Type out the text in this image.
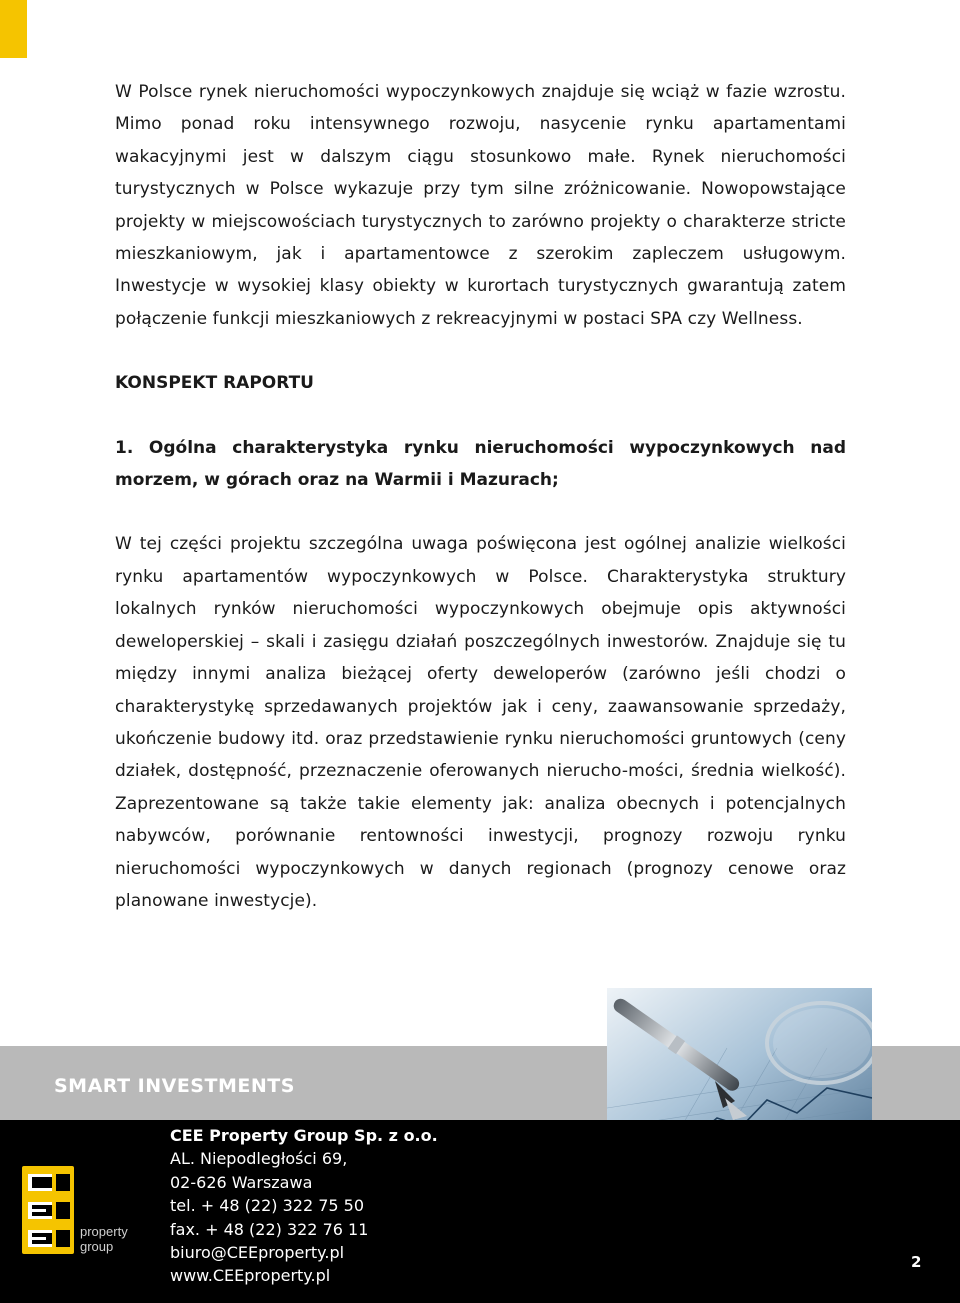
W Polsce rynek nieruchomości wypoczynkowych znajduje się wciąż w fazie wzrostu. Mimo ponad roku intensywnego rozwoju, nasycenie rynku apartamentami wakacyjnymi jest w dalszym ciągu stosunkowo małe. Rynek nieruchomości turystycznych w Polsce wykazuje przy tym silne zróżnicowanie. Nowopowstające projekty w miejscowościach turystycznych to zarówno projekty o charakterze stricte mieszkaniowym, jak i apartamentowce z szerokim zapleczem usługowym. Inwestycje w wysokiej klasy obiekty w kurortach turystycznych gwarantują zatem połączenie funkcji mieszkaniowych z rekreacyjnymi w postaci SPA czy Wellness.

KONSPEKT RAPORTU

1. Ogólna charakterystyka rynku nieruchomości wypoczynkowych nad morzem, w górach oraz na Warmii i Mazurach;

W tej części projektu szczególna uwaga poświęcona jest ogólnej analizie wielkości rynku apartamentów wypoczynkowych w Polsce. Charakterystyka struktury lokalnych rynków nieruchomości wypoczynkowych obejmuje opis aktywności deweloperskiej – skali i zasięgu działań poszczególnych inwestorów. Znajduje się tu między innymi analiza bieżącej oferty deweloperów (zarówno jeśli chodzi o charakterystykę sprzedawanych projektów jak i ceny, zaawansowanie sprzedaży, ukończenie budowy itd. oraz przedstawienie rynku nieruchomości gruntowych (ceny działek, dostępność, przeznaczenie oferowanych nierucho-mości, średnia wielkość). Zaprezentowane są także takie elementy jak: analiza obecnych i potencjalnych nabywców, porównanie rentowności inwestycji, prognozy rozwoju rynku nieruchomości wypoczynkowych w danych regionach (prognozy cenowe oraz planowane inwestycje).

SMART INVESTMENTS

property
group
CEE Property Group Sp. z o.o.
AL. Niepodległości 69,
02-626 Warszawa
tel. + 48 (22) 322 75 50
fax. + 48 (22) 322 76 11
biuro@CEEproperty.pl
www.CEEproperty.pl
2
